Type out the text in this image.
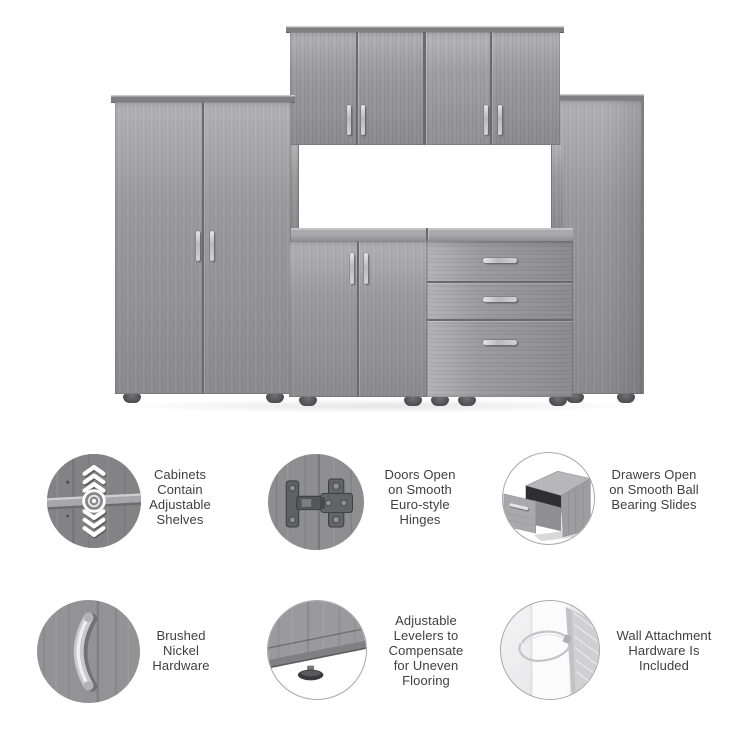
Cabinets Contain Adjustable Shelves

Doors Open on Smooth Euro-style Hinges

Drawers Open on Smooth Ball Bearing Slides

Brushed Nickel Hardware

Adjustable Levelers to Compensate for Uneven Flooring

Wall Attachment Hardware Is Included
